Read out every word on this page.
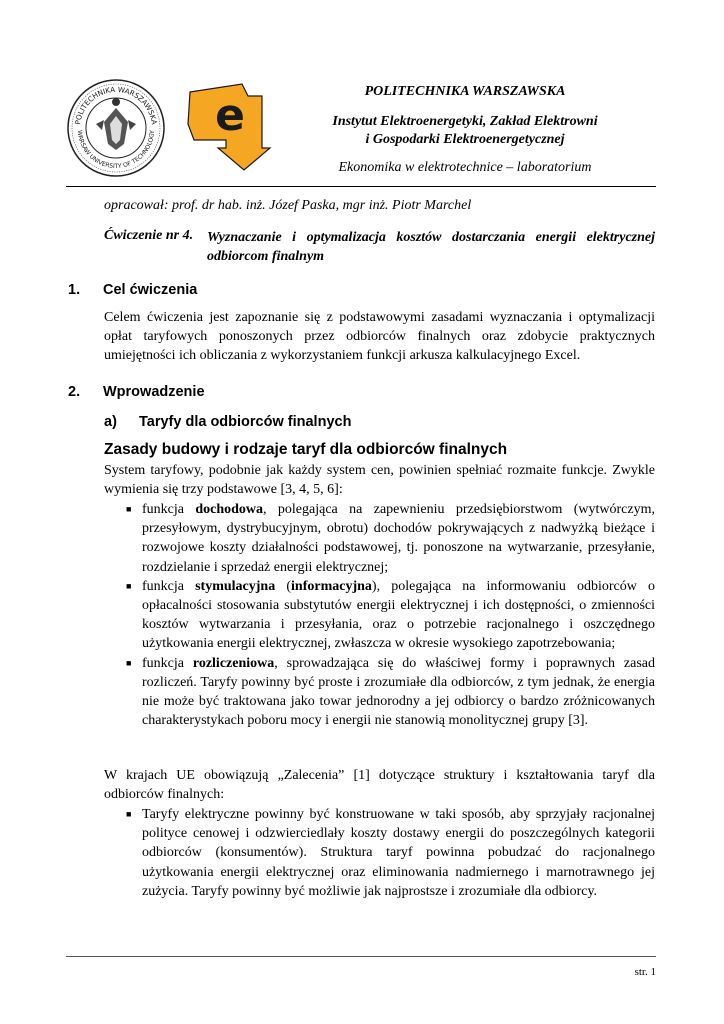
POLITECHNIKA WARSZAWSKA
WARSAW UNIVERSITY OF TECHNOLOGY e	POLITECHNIKA WARSZAWSKA
Instytut Elektroenergetyki, Zakład Elektrowni
i Gospodarki Elektroenergetycznej
Ekonomika w elektrotechnice – laboratorium
opracował: prof. dr hab. inż. Józef Paska, mgr inż. Piotr Marchel
Ćwiczenie nr 4. Wyznaczanie i optymalizacja kosztów dostarczania energii elektrycznej odbiorcom finalnym
1. Cel ćwiczenia
Celem ćwiczenia jest zapoznanie się z podstawowymi zasadami wyznaczania i optymalizacji opłat taryfowych ponoszonych przez odbiorców finalnych oraz zdobycie praktycznych umiejętności ich obliczania z wykorzystaniem funkcji arkusza kalkulacyjnego Excel.
2. Wprowadzenie
a) Taryfy dla odbiorców finalnych
Zasady budowy i rodzaje taryf dla odbiorców finalnych
System taryfowy, podobnie jak każdy system cen, powinien spełniać rozmaite funkcje. Zwykle wymienia się trzy podstawowe [3, 4, 5, 6]:
■ funkcja dochodowa, polegająca na zapewnieniu przedsiębiorstwom (wytwórczym, przesyłowym, dystrybucyjnym, obrotu) dochodów pokrywających z nadwyżką bieżące i rozwojowe koszty działalności podstawowej, tj. ponoszone na wytwarzanie, przesyłanie, rozdzielanie i sprzedaż energii elektrycznej;
■ funkcja stymulacyjna (informacyjna), polegająca na informowaniu odbiorców o opłacalności stosowania substytutów energii elektrycznej i ich dostępności, o zmienności kosztów wytwarzania i przesyłania, oraz o potrzebie racjonalnego i oszczędnego użytkowania energii elektrycznej, zwłaszcza w okresie wysokiego zapotrzebowania;
■ funkcja rozliczeniowa, sprowadzająca się do właściwej formy i poprawnych zasad rozliczeń. Taryfy powinny być proste i zrozumiałe dla odbiorców, z tym jednak, że energia nie może być traktowana jako towar jednorodny a jej odbiorcy o bardzo zróżnicowanych charakterystykach poboru mocy i energii nie stanowią monolitycznej grupy [3].
W krajach UE obowiązują „Zalecenia” [1] dotyczące struktury i kształtowania taryf dla odbiorców finalnych:
■ Taryfy elektryczne powinny być konstruowane w taki sposób, aby sprzyjały racjonalnej polityce cenowej i odzwierciedlały koszty dostawy energii do poszczególnych kategorii odbiorców (konsumentów). Struktura taryf powinna pobudzać do racjonalnego użytkowania energii elektrycznej oraz eliminowania nadmiernego i marnotrawnego jej zużycia. Taryfy powinny być możliwie jak najprostsze i zrozumiałe dla odbiorcy.
str. 1
